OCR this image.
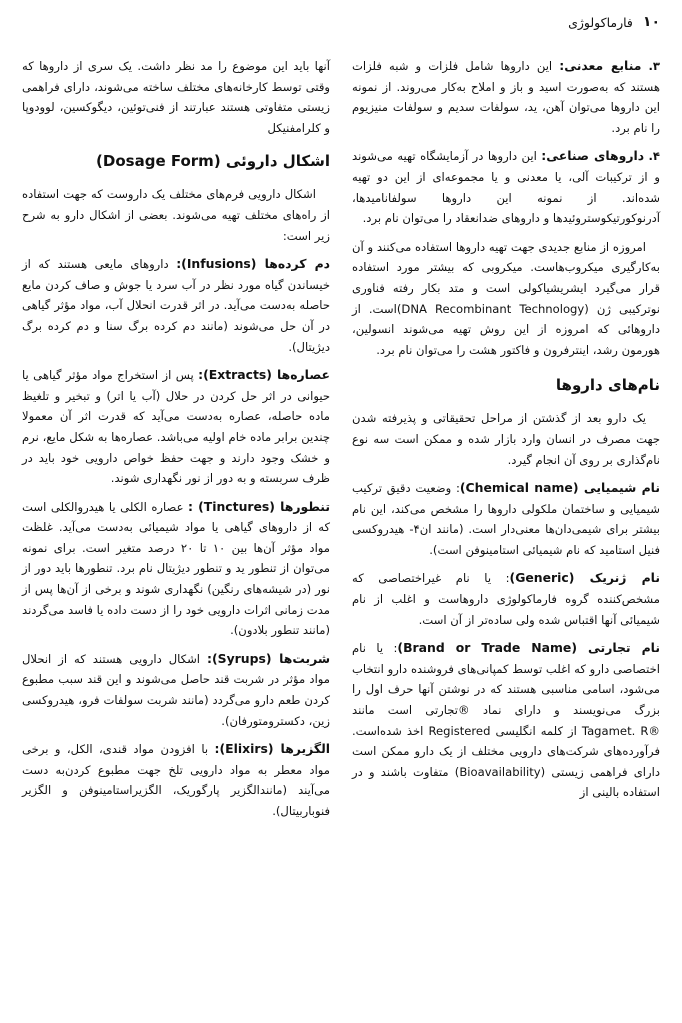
۱۰
فارماکولوژی

۳. منابع معدنی: این داروها شامل فلزات و شبه فلزات هستند که به‌صورت اسید و باز و املاح به‌کار می‌روند. از نمونه این داروها می‌توان آهن، ید، سولفات سدیم و سولفات منیزیوم را نام برد.

۴. داروهای صناعی: این داروها در آزمایشگاه تهیه می‌شوند و از ترکیبات آلی، یا معدنی و یا مجموعه‌ای از این دو تهیه شده‌اند. از نمونه این داروها سولفانامیدها، آدرنوکورتیکوستروئیدها و داروهای ضدانعقاد را می‌توان نام برد.

امروزه از منابع جدیدی جهت تهیه داروها استفاده می‌کنند و آن به‌کارگیری میکروب‌هاست. میکروبی که بیشتر مورد استفاده قرار می‌گیرد ایشریشیاکولی است و متد بکار رفته فناوری نوترکیبی ژن (DNA Recombinant Technology)است. از داروهائی که امروزه از این روش تهیه می‌شوند انسولین، هورمون رشد، اینترفرون و فاکتور هشت را می‌توان نام برد.

نام‌های داروها

یک دارو بعد از گذشتن از مراحل تحقیقاتی و پذیرفته شدن جهت مصرف در انسان وارد بازار شده و ممکن است سه نوع نام‌گذاری بر روی آن انجام گیرد.

نام شیمیایی (Chemical name): وضعیت دقیق ترکیب شیمیایی و ساختمان ملکولی داروها را مشخص می‌کند، این نام بیشتر برای شیمی‌دان‌ها معنی‌دار است. (مانند ان۴- هیدروکسی فنیل استامید که نام شیمیائی استامینوفن است).

نام ژنریک (Generic): یا نام غیراختصاصی که مشخص‌کننده گروه فارماکولوژی داروهاست و اغلب از نام شیمیائی آنها اقتباس شده ولی ساده‌تر از آن است.

نام تجارتی (Brand or Trade Name): یا نام اختصاصی دارو که اغلب توسط کمپانی‌های فروشنده دارو انتخاب می‌شود، اسامی مناسبی هستند که در نوشتن آنها حرف اول را بزرگ می‌نویسند و دارای نماد ®تجارتی است مانند ®Tagamet. R از کلمه انگلیسی Registered اخذ شده‌است. فرآورده‌های شرکت‌های دارویی مختلف از یک دارو ممکن است دارای فراهمی زیستی (Bioavailability) متفاوت باشند و در استفاده بالینی از

آنها باید این موضوع را مد نظر داشت. یک سری از داروها که وقتی توسط کارخانه‌های مختلف ساخته می‌شوند، دارای فراهمی زیستی متفاوتی هستند عبارتند از فنی‌توئین، دیگوکسین، لوودوپا و کلرامفنیکل

اشکال داروئی (Dosage Form)

اشکال دارویی فرم‌های مختلف یک داروست که جهت استفاده از راه‌های مختلف تهیه می‌شوند. بعضی از اشکال دارو به شرح زیر است:

دم کرده‌ها (Infusions): داروهای مایعی هستند که از خیساندن گیاه مورد نظر در آب سرد یا جوش و صاف کردن مایع حاصله به‌دست می‌آید. در اثر قدرت انحلال آب، مواد مؤثر گیاهی در آن حل می‌شوند (مانند دم کرده برگ سنا و دم کرده برگ دیژیتال).

عصاره‌ها (Extracts): پس از استخراج مواد مؤثر گیاهی یا حیوانی در اثر حل کردن در حلال (آب یا اتر) و تبخیر و تلغیظ ماده حاصله، عصاره به‌دست می‌آید که قدرت اثر آن معمولا چندین برابر ماده خام اولیه می‌باشد. عصاره‌ها به شکل مایع، نرم و خشک وجود دارند و جهت حفظ خواص دارویی خود باید در ظرف سربسته و به دور از نور نگهداری شوند.

تنطورها (Tinctures) : عصاره الکلی یا هیدروالکلی است که از داروهای گیاهی یا مواد شیمیائی به‌دست می‌آید. غلظت مواد مؤثر آن‌ها بین ۱۰ تا ۲۰ درصد متغیر است. برای نمونه می‌توان از تنطور ید و تنطور دیژیتال نام برد. تنطورها باید دور از نور (در شیشه‌های رنگین) نگهداری شوند و برخی از آن‌ها پس از مدت زمانی اثرات دارویی خود را از دست داده یا فاسد می‌گردند (مانند تنطور بلادون).

شربت‌ها (Syrups): اشکال دارویی هستند که از انحلال مواد مؤثر در شربت قند حاصل می‌شوند و این قند سبب مطبوع کردن طعم دارو می‌گردد (مانند شربت سولفات فرو، هیدروکسی زین، دکسترومتورفان).

الگزیرها (Elixirs): با افزودن مواد قندی، الکل، و برخی مواد معطر به مواد دارویی تلخ جهت مطبوع کردن‌به دست می‌آیند (مانندالگزیر پارگوریک، الگزیراستامینوفن و الگزیر فنوباربیتال).
